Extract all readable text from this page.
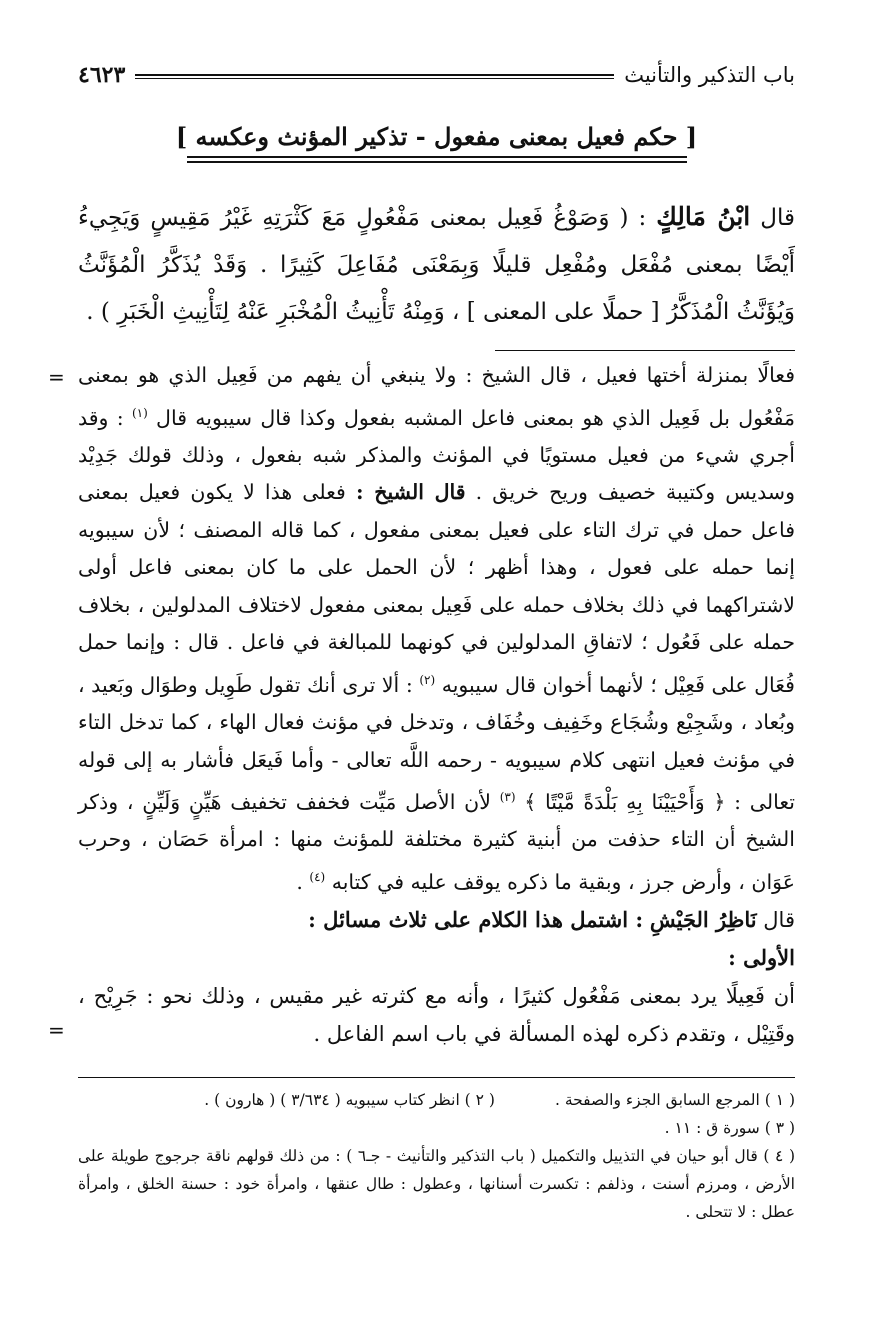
باب التذكير والتأنيث
٤٦٢٣
[ حكم فعيل بمعنى مفعول - تذكير المؤنث وعكسه ]
قال ابْنُ مَالِكٍ : ( وَصَوْغُ فَعِيل بمعنى مَفْعُولٍ مَعَ كَثْرَتِهِ غَيْرُ مَقِيسٍ وَيَجِيءُ أَيْضًا بمعنى مُفْعَل ومُفْعِل قليلًا وَبِمَعْنَى مُفَاعِلَ كَثِيرًا . وَقَدْ يُذَكَّرُ الْمُؤَنَّثُ وَيُؤَنَّثُ الْمُذَكَّرُ [ حملًا على المعنى ] ، وَمِنْهُ تَأْنِيثُ الْمُخْبَرِ عَنْهُ لِتَأْنِيثِ الْخَبَرِ ) .
= فعالًا بمنزلة أختها فعيل ، قال الشيخ : ولا ينبغي أن يفهم من فَعِيل الذي هو بمعنى مَفْعُول بل فَعِيل الذي هو بمعنى فاعل المشبه بفعول وكذا قال سيبويه قال $^{(١)}$ : وقد أجري شيء من فعيل مستويًا في المؤنث والمذكر شبه بفعول ، وذلك قولك جَدِيْد وسديس وكتيبة خصيف وريح خريق . قال الشيخ : فعلى هذا لا يكون فعيل بمعنى فاعل حمل في ترك التاء على فعيل بمعنى مفعول ، كما قاله المصنف ؛ لأن سيبويه إنما حمله على فعول ، وهذا أظهر ؛ لأن الحمل على ما كان بمعنى فاعل أولى لاشتراكهما في ذلك بخلاف حمله على فَعِيل بمعنى مفعول لاختلاف المدلولين ، بخلاف حمله على فَعُول ؛ لاتفاقِ المدلولين في كونهما للمبالغة في فاعل . قال : وإنما حمل فُعَال على فَعِيْل ؛ لأنهما أخوان قال سيبويه $^{(٢)}$ : ألا ترى أنك تقول طَوِيل وطوَال وبَعيد ، وبُعاد ، وشَجِيْع وشُجَاع وخَفِيف وخُفَاف ، وتدخل في مؤنث فعال الهاء ، كما تدخل التاء في مؤنث فعيل انتهى كلام سيبويه - رحمه اللَّه تعالى - وأما فَيعَل فأشار به إلى قوله تعالى : ﴿ وَأَحْيَيْنَا بِهِ بَلْدَةً مَّيْتًا ﴾ $^{(٣)}$ لأن الأصل مَيِّت فخفف تخفيف هَيِّنٍ وَلَيِّنٍ ، وذكر الشيخ أن التاء حذفت من أبنية كثيرة مختلفة للمؤنث منها : امرأة حَصَان ، وحرب عَوَان ، وأرض جرز ، وبقية ما ذكره يوقف عليه في كتابه $^{(٤)}$ .

قال نَاظِرُ الجَيْشِ : اشتمل هذا الكلام على ثلاث مسائل :

الأولى :

أن فَعِيلًا يرد بمعنى مَفْعُول كثيرًا ، وأنه مع كثرته غير مقيس ، وذلك نحو : جَرِيْح ، وقَتِيْل ، وتقدم ذكره لهذه المسألة في باب اسم الفاعل .

=
( ١ ) المرجع السابق الجزء والصفحة .
( ٢ ) انظر كتاب سيبويه ( ٣/٦٣٤ ) ( هارون ) .

( ٣ ) سورة ق : ١١ .

( ٤ ) قال أبو حيان في التذييل والتكميل ( باب التذكير والتأنيث - جـ٦ ) : من ذلك قولهم ناقة جرجوج طويلة على الأرض ، ومرزم أسنت ، وذلفم : تكسرت أسنانها ، وعطول : طال عنقها ، وامرأة خود : حسنة الخلق ، وامرأة عطل : لا تتحلى .
